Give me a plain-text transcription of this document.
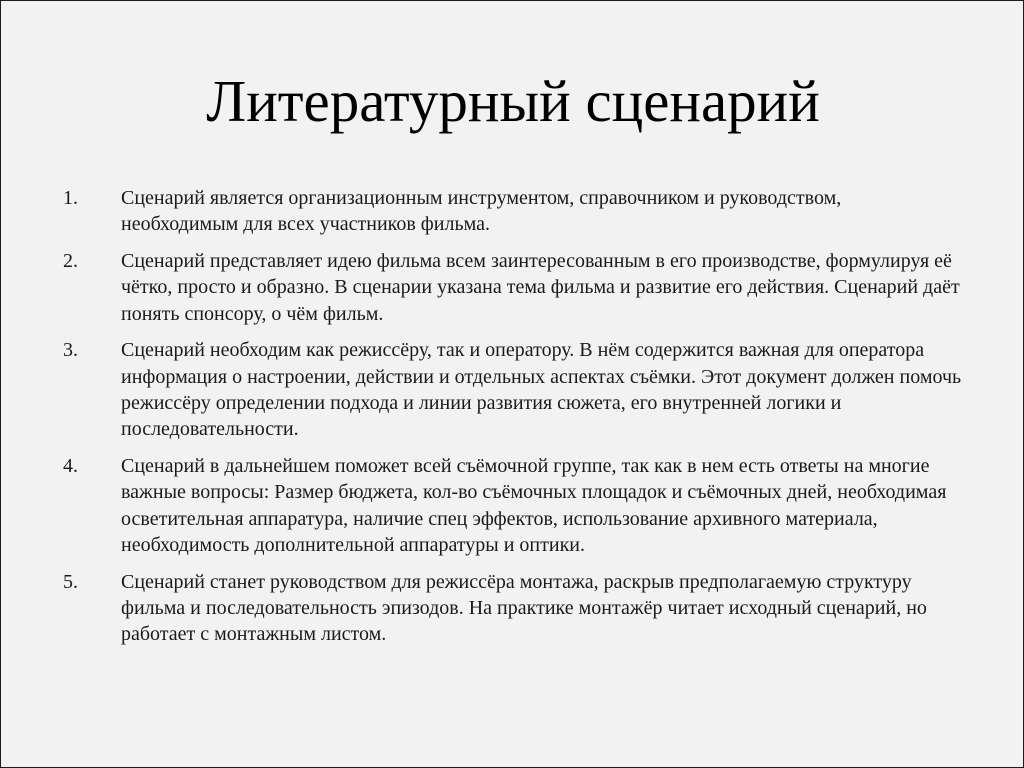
Литературный сценарий
1.	Сценарий является организационным инструментом, справочником и руководством, необходимым для всех участников фильма.
2.	Сценарий представляет идею фильма всем заинтересованным в его производстве, формулируя её чётко, просто и образно. В сценарии указана тема фильма и развитие его действия. Сценарий даёт понять спонсору, о чём фильм.
3.	Сценарий необходим как режиссёру, так и оператору. В нём содержится важная для оператора информация о настроении, действии и отдельных аспектах съёмки. Этот документ должен помочь режиссёру определении подхода и линии развития сюжета, его внутренней логики и последовательности.
4.	Сценарий в дальнейшем поможет всей съёмочной группе, так как в нем есть ответы на многие важные вопросы: Размер бюджета, кол-во съёмочных площадок и съёмочных дней, необходимая осветительная аппаратура, наличие спец эффектов, использование архивного материала, необходимость дополнительной аппаратуры и оптики.
5.	Сценарий станет руководством для режиссёра монтажа, раскрыв предполагаемую структуру фильма и последовательность эпизодов. На практике монтажёр читает исходный сценарий, но работает с монтажным листом.
